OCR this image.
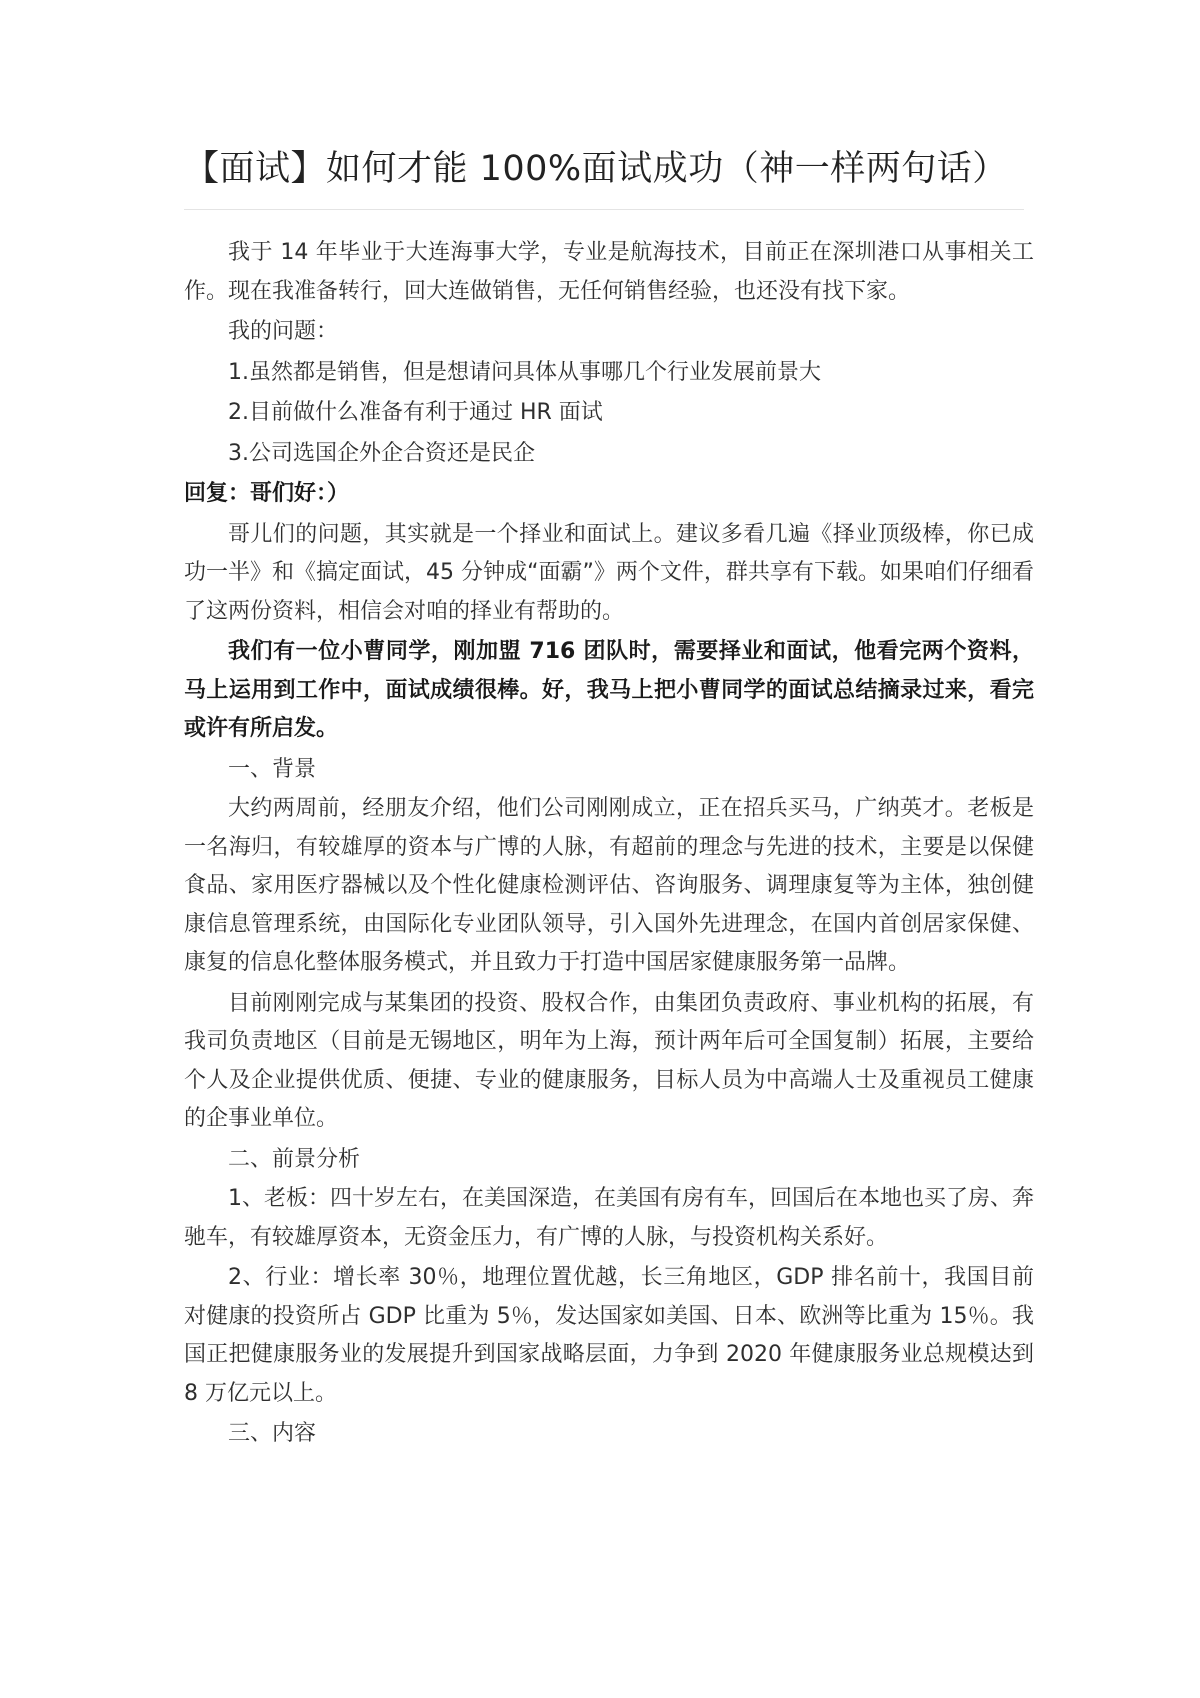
【面试】如何才能 100%面试成功（神一样两句话）

我于 14 年毕业于大连海事大学，专业是航海技术，目前正在深圳港口从事相关工作。现在我准备转行，回大连做销售，无任何销售经验，也还没有找下家。

我的问题：

1.虽然都是销售，但是想请问具体从事哪几个行业发展前景大

2.目前做什么准备有利于通过 HR 面试

3.公司选国企外企合资还是民企

回复：哥们好：）

哥儿们的问题，其实就是一个择业和面试上。建议多看几遍《择业顶级棒，你已成功一半》和《搞定面试，45 分钟成“面霸”》两个文件，群共享有下载。如果咱们仔细看了这两份资料，相信会对咱的择业有帮助的。

我们有一位小曹同学，刚加盟 716 团队时，需要择业和面试，他看完两个资料，马上运用到工作中，面试成绩很棒。好，我马上把小曹同学的面试总结摘录过来，看完或许有所启发。

一、背景

大约两周前，经朋友介绍，他们公司刚刚成立，正在招兵买马，广纳英才。老板是一名海归，有较雄厚的资本与广博的人脉，有超前的理念与先进的技术，主要是以保健食品、家用医疗器械以及个性化健康检测评估、咨询服务、调理康复等为主体，独创健康信息管理系统，由国际化专业团队领导，引入国外先进理念，在国内首创居家保健、康复的信息化整体服务模式，并且致力于打造中国居家健康服务第一品牌。

目前刚刚完成与某集团的投资、股权合作，由集团负责政府、事业机构的拓展，有我司负责地区（目前是无锡地区，明年为上海，预计两年后可全国复制）拓展，主要给个人及企业提供优质、便捷、专业的健康服务，目标人员为中高端人士及重视员工健康的企事业单位。

二、前景分析

1、老板：四十岁左右，在美国深造，在美国有房有车，回国后在本地也买了房、奔驰车，有较雄厚资本，无资金压力，有广博的人脉，与投资机构关系好。

2、行业：增长率 30％，地理位置优越，长三角地区，GDP 排名前十，我国目前对健康的投资所占 GDP 比重为 5％，发达国家如美国、日本、欧洲等比重为 15％。我国正把健康服务业的发展提升到国家战略层面，力争到 2020 年健康服务业总规模达到 8 万亿元以上。

三、内容
